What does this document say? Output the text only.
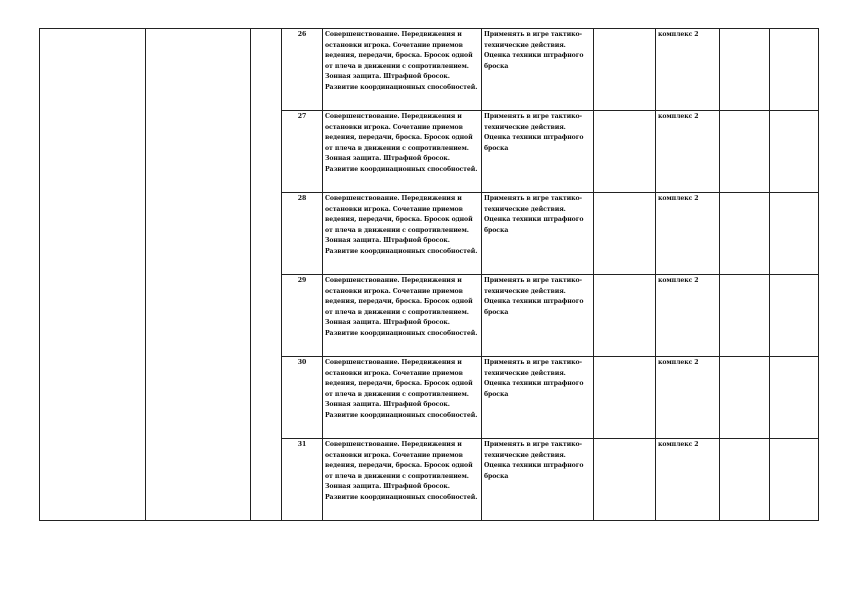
			26	Совершенствование. Передвижения и остановки игрока. Сочетание приемов ведения, передачи, броска. Бросок одной от плеча в движении с сопротивлением. Зонная защита. Штрафной бросок. Развитие координационных способностей.	Применять в игре тактико-технические действия. Оценка техники штрафного броска		комплекс 2		
			27	Совершенствование. Передвижения и остановки игрока. Сочетание приемов ведения, передачи, броска. Бросок одной от плеча в движении с сопротивлением. Зонная защита. Штрафной бросок. Развитие координационных способностей.	Применять в игре тактико-технические действия. Оценка техники штрафного броска		комплекс 2		
			28	Совершенствование. Передвижения и остановки игрока. Сочетание приемов ведения, передачи, броска. Бросок одной от плеча в движении с сопротивлением. Зонная защита. Штрафной бросок. Развитие координационных способностей.	Применять в игре тактико-технические действия. Оценка техники штрафного броска		комплекс 2		
			29	Совершенствование. Передвижения и остановки игрока. Сочетание приемов ведения, передачи, броска. Бросок одной от плеча в движении с сопротивлением. Зонная защита. Штрафной бросок. Развитие координационных способностей.	Применять в игре тактико-технические действия. Оценка техники штрафного броска		комплекс 2		
			30	Совершенствование. Передвижения и остановки игрока. Сочетание приемов ведения, передачи, броска. Бросок одной от плеча в движении с сопротивлением. Зонная защита. Штрафной бросок. Развитие координационных способностей.	Применять в игре тактико-технические действия. Оценка техники штрафного броска		комплекс 2		
			31	Совершенствование. Передвижения и остановки игрока. Сочетание приемов ведения, передачи, броска. Бросок одной от плеча в движении с сопротивлением. Зонная защита. Штрафной бросок. Развитие координационных способностей.	Применять в игре тактико-технические действия. Оценка техники штрафного броска		комплекс 2		
